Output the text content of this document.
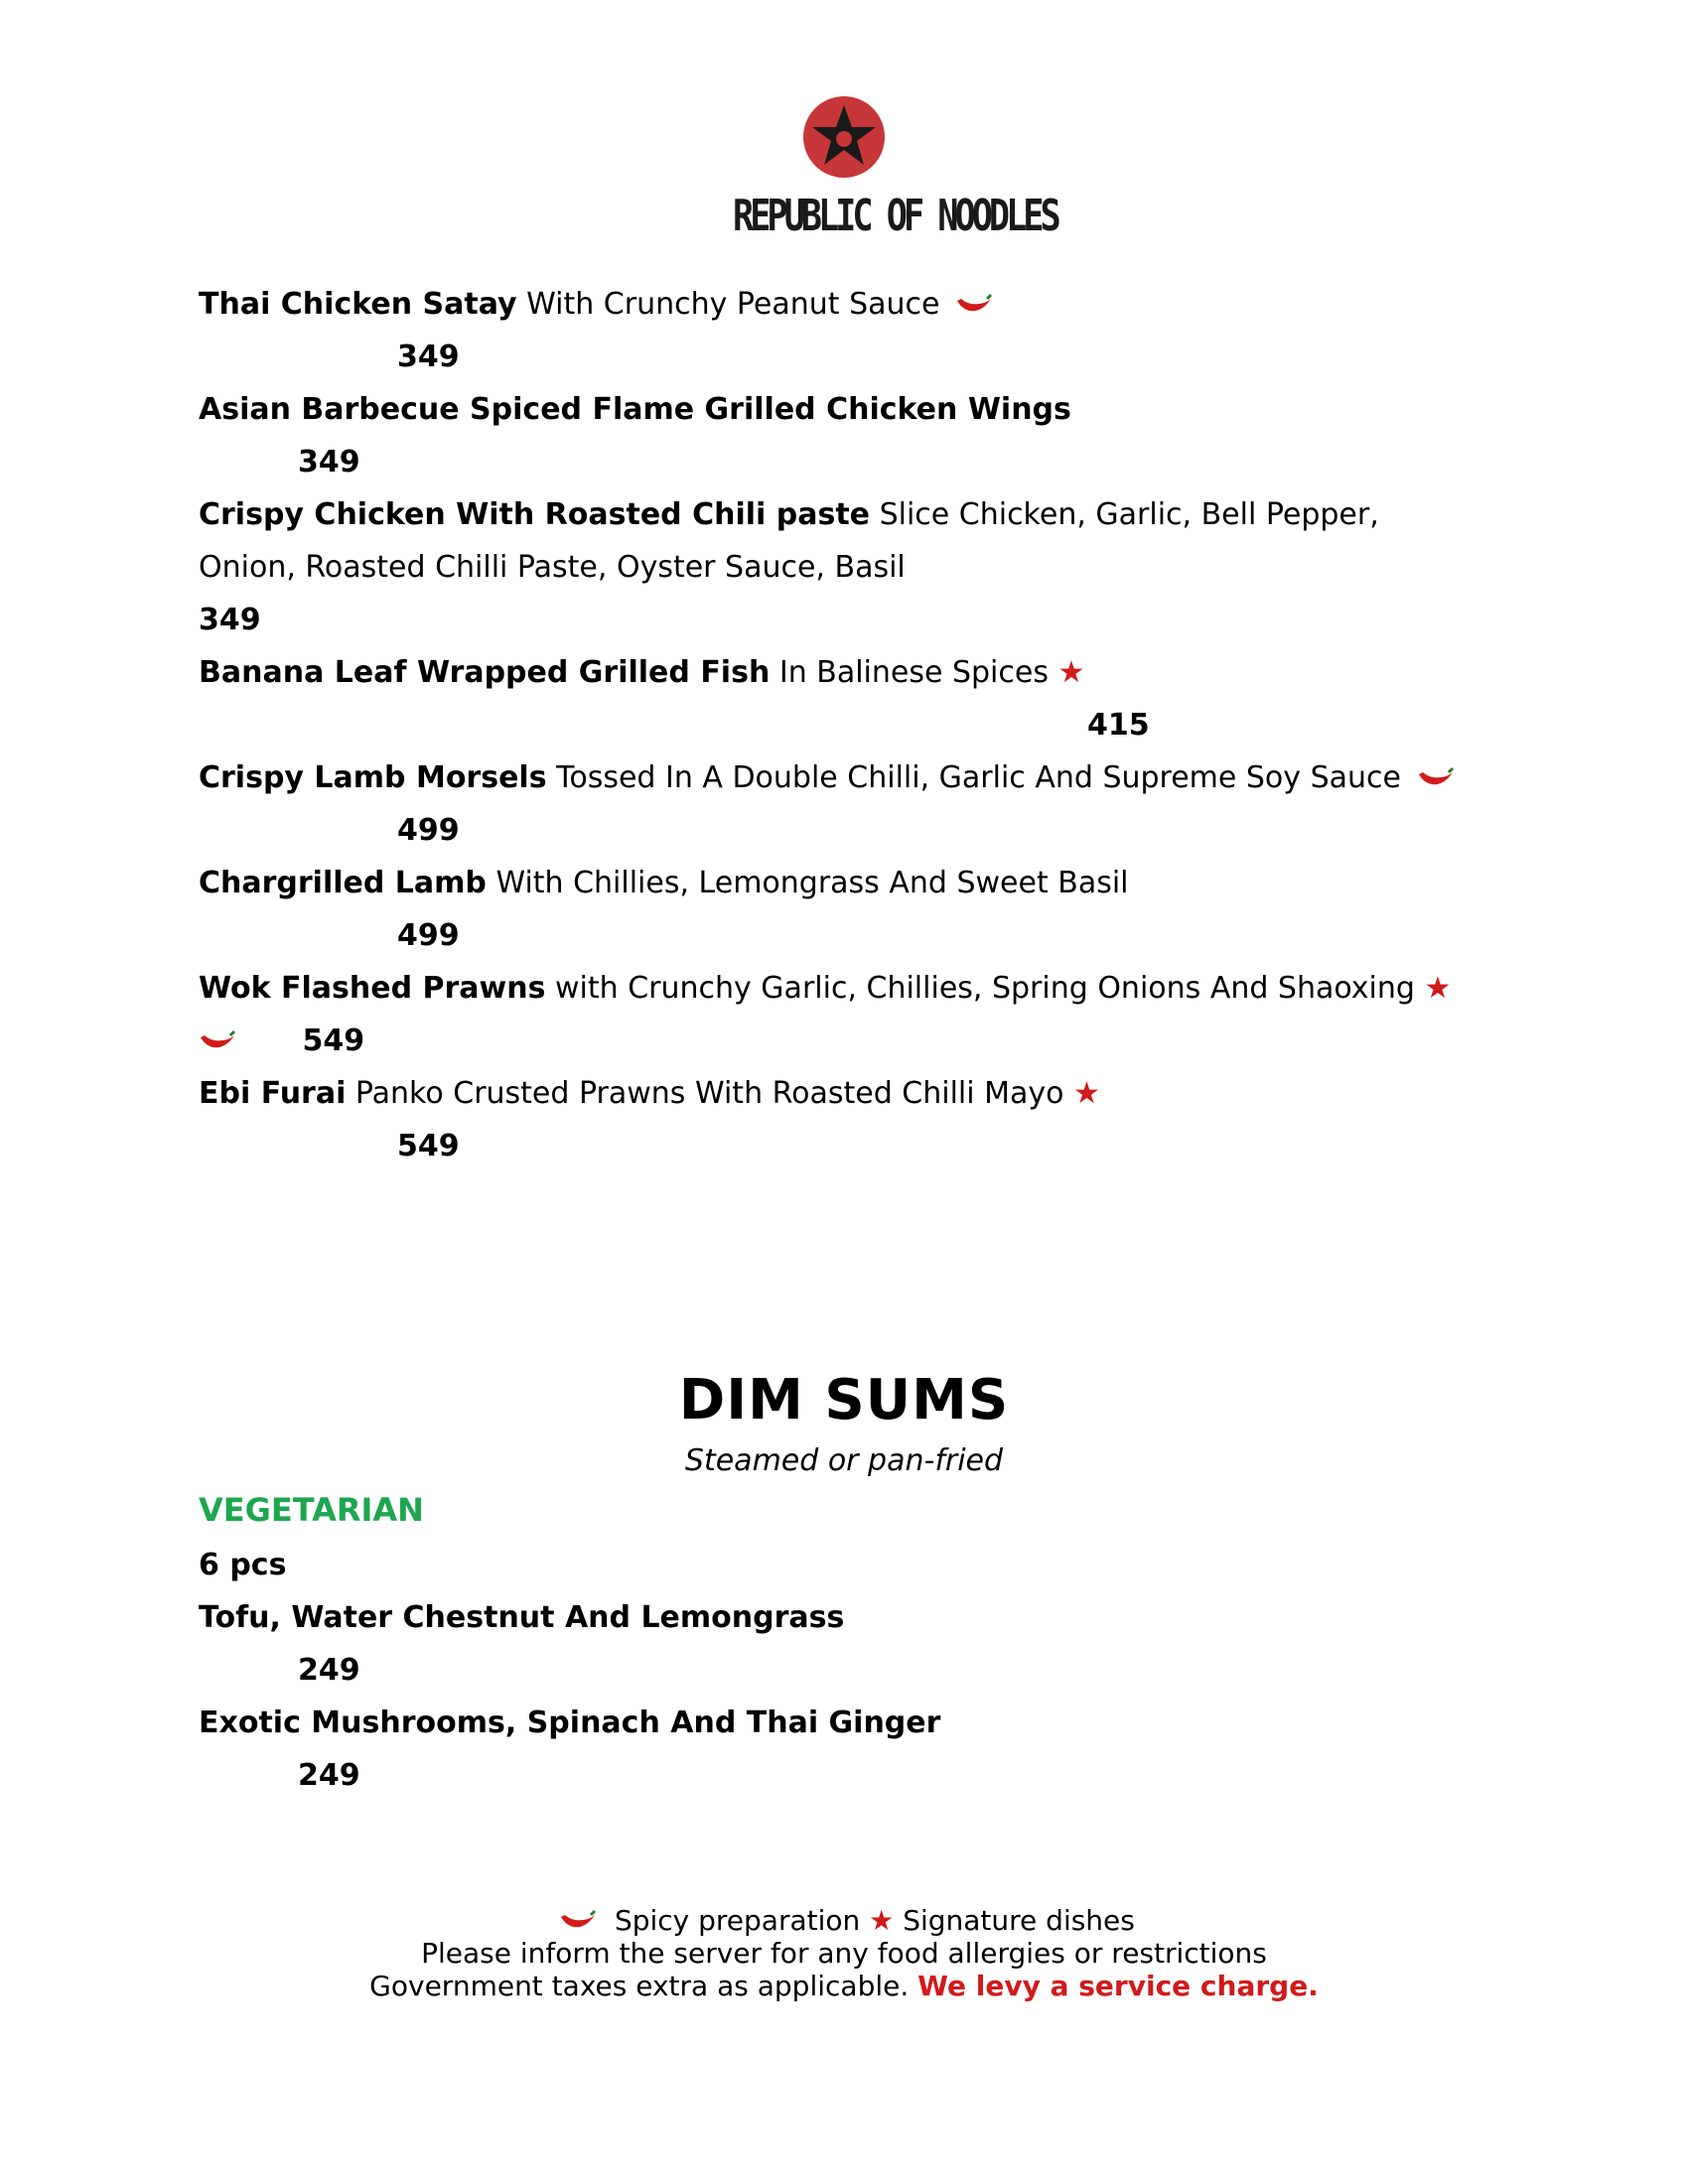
REPUBLIC OF NOODLES
Thai Chicken Satay With Crunchy Peanut Sauce
349
Asian Barbecue Spiced Flame Grilled Chicken Wings
349
Crispy Chicken With Roasted Chili paste Slice Chicken, Garlic, Bell Pepper,
Onion, Roasted Chilli Paste, Oyster Sauce, Basil
349
Banana Leaf Wrapped Grilled Fish In Balinese Spices ★
415
Crispy Lamb Morsels Tossed In A Double Chilli, Garlic And Supreme Soy Sauce
499
Chargrilled Lamb With Chillies, Lemongrass And Sweet Basil
499
Wok Flashed Prawns with Crunchy Garlic, Chillies, Spring Onions And Shaoxing ★
549
Ebi Furai Panko Crusted Prawns With Roasted Chilli Mayo ★
549
DIM SUMS
Steamed or pan-fried
VEGETARIAN
6 pcs
Tofu, Water Chestnut And Lemongrass
249
Exotic Mushrooms, Spinach And Thai Ginger
249
Spicy preparation ★ Signature dishes
Please inform the server for any food allergies or restrictions
Government taxes extra as applicable. We levy a service charge.
